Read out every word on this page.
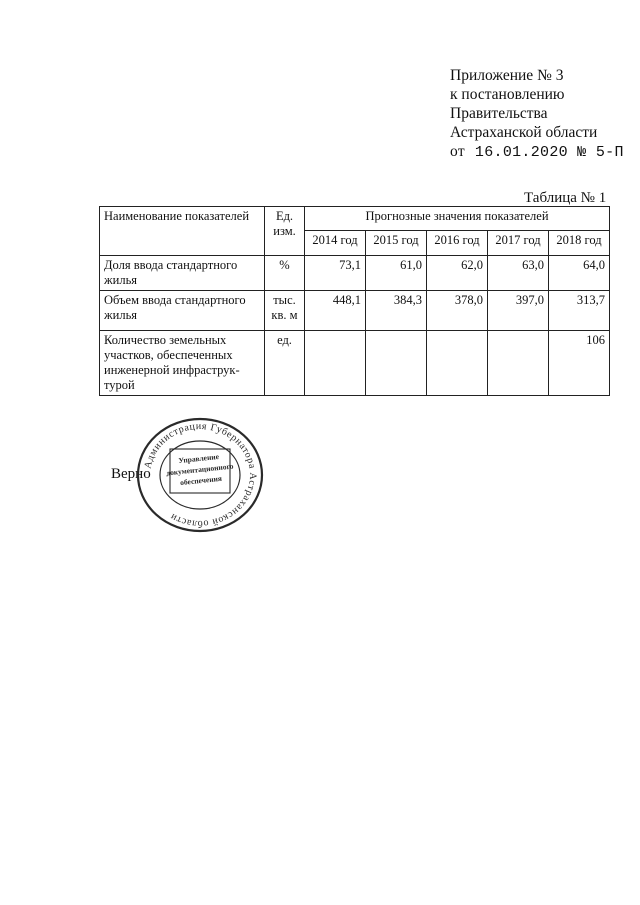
Приложение № 3
к постановлению
Правительства
Астраханской области
от 16.01.2020 № 5-П
Таблица № 1
Наименование показателей	Ед. изм.	Прогнозные значения показателей				
		2014 год	2015 год	2016 год	2017 год	2018 год
Доля ввода стандартного жилья	%	73,1	61,0	62,0	63,0	64,0
Объем ввода стандартного жилья	тыс. кв. м	448,1	384,3	378,0	397,0	313,7
Количество земельных участков, обеспеченных инженерной инфраструк-турой	ед.					106
Верно
Администрация Губернатора Астраханской области
Управление
документационного
обеспечения
